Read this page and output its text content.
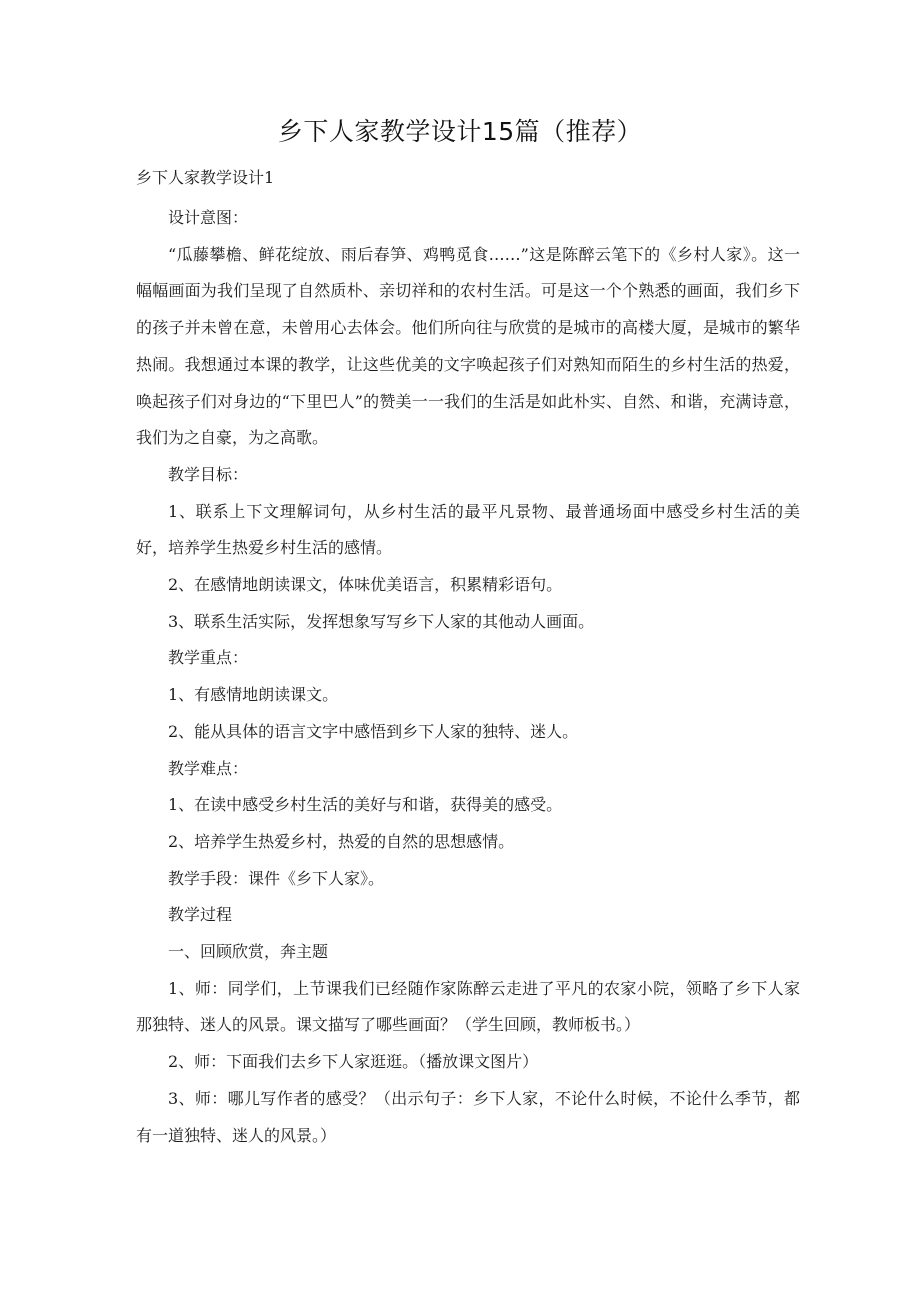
乡下人家教学设计15篇（推荐）
乡下人家教学设计1

设计意图：

“瓜藤攀檐、鲜花绽放、雨后春笋、鸡鸭觅食……”这是陈醉云笔下的《乡村人家》。这一幅幅画面为我们呈现了自然质朴、亲切祥和的农村生活。可是这一个个熟悉的画面，我们乡下的孩子并未曾在意，未曾用心去体会。他们所向往与欣赏的是城市的高楼大厦，是城市的繁华热闹。我想通过本课的教学，让这些优美的文字唤起孩子们对熟知而陌生的乡村生活的热爱，唤起孩子们对身边的“下里巴人”的赞美一一我们的生活是如此朴实、自然、和谐，充满诗意，我们为之自豪，为之高歌。

教学目标：

1、联系上下文理解词句，从乡村生活的最平凡景物、最普通场面中感受乡村生活的美好，培养学生热爱乡村生活的感情。

2、在感情地朗读课文，体味优美语言，积累精彩语句。

3、联系生活实际，发挥想象写写乡下人家的其他动人画面。

教学重点：

1、有感情地朗读课文。

2、能从具体的语言文字中感悟到乡下人家的独特、迷人。

教学难点：

1、在读中感受乡村生活的美好与和谐，获得美的感受。

2、培养学生热爱乡村，热爱的自然的思想感情。

教学手段：课件《乡下人家》。

教学过程

一、回顾欣赏，奔主题

1、师：同学们，上节课我们已经随作家陈醉云走进了平凡的农家小院，领略了乡下人家那独特、迷人的风景。课文描写了哪些画面？（学生回顾，教师板书。）

2、师：下面我们去乡下人家逛逛。（播放课文图片）

3、师：哪儿写作者的感受？（出示句子：乡下人家，不论什么时候，不论什么季节，都有一道独特、迷人的风景。）
